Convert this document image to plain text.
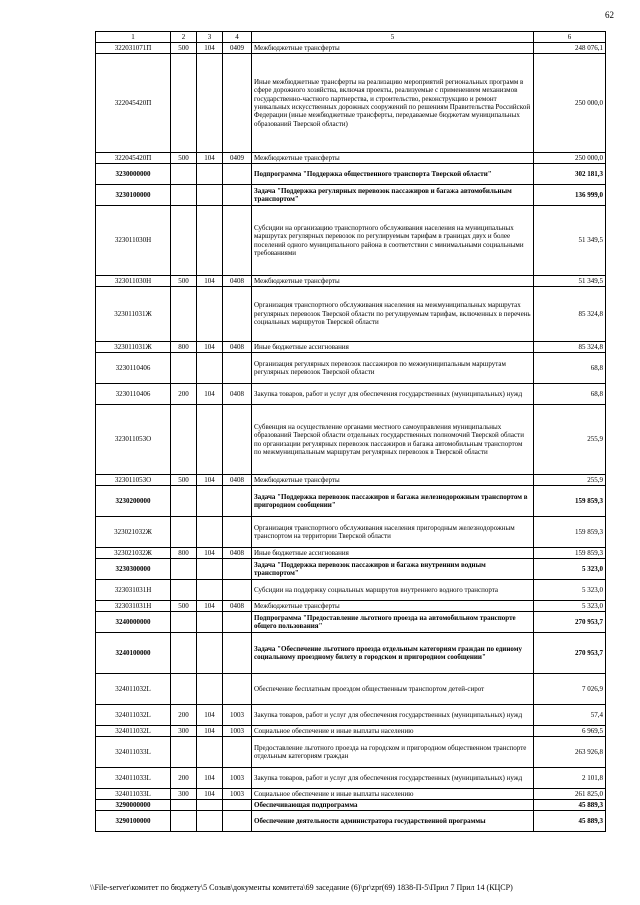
62
1	2	3	4	5	6
322031071П	500	104	0409	Межбюджетные трансферты	248 076,1
322045420П				Иные межбюджетные трансферты на реализацию мероприятий региональных программ в сфере дорожного хозяйства, включая проекты, реализуемые с применением механизмов государственно-частного партнерства, и строительство, реконструкцию и ремонт уникальных искусственных дорожных сооружений по решениям Правительства Российской Федерации (иные межбюджетные трансферты, передаваемые бюджетам муниципальных образований Тверской области)	250 000,0
322045420П	500	104	0409	Межбюджетные трансферты	250 000,0
3230000000				Подпрограмма "Поддержка общественного транспорта Тверской области"	302 181,3
3230100000				Задача "Поддержка регулярных перевозок пассажиров и багажа автомобильным транспортом"	136 999,0
323011030Н				Субсидии на организацию транспортного обслуживания населения на муниципальных маршрутах регулярных перевозок по регулируемым тарифам в границах двух и более поселений одного муниципального района в соответствии с минимальными социальными требованиями	51 349,5
323011030Н	500	104	0408	Межбюджетные трансферты	51 349,5
323011031Ж				Организация транспортного обслуживания населения на межмуниципальных маршрутах регулярных перевозок Тверской области по регулируемым тарифам, включенных в перечень социальных маршрутов Тверской области	85 324,8
323011031Ж	800	104	0408	Иные бюджетные ассигнования	85 324,8
3230110406				Организация регулярных перевозок пассажиров по межмуниципальным маршрутам регулярных перевозок Тверской области	68,8
3230110406	200	104	0408	Закупка товаров, работ и услуг для обеспечения государственных (муниципальных) нужд	68,8
323011053О				Субвенция на осуществление органами местного самоуправления муниципальных образований Тверской области отдельных государственных полномочий Тверской области по организации регулярных перевозок пассажиров и багажа автомобильным транспортом по межмуниципальным маршрутам регулярных перевозок в Тверской области	255,9
323011053О	500	104	0408	Межбюджетные трансферты	255,9
3230200000				Задача "Поддержка перевозок пассажиров и багажа железнодорожным транспортом в пригородном сообщении"	159 859,3
323021032Ж				Организация транспортного обслуживания населения пригородным железнодорожным транспортом на территории Тверской области	159 859,3
323021032Ж	800	104	0408	Иные бюджетные ассигнования	159 859,3
3230300000				Задача "Поддержка перевозок пассажиров и багажа внутренним водным транспортом"	5 323,0
323031031Н				Субсидии на поддержку социальных маршрутов внутреннего водного транспорта	5 323,0
323031031Н	500	104	0408	Межбюджетные трансферты	5 323,0
3240000000				Подпрограмма "Предоставление льготного проезда на автомобильном транспорте общего пользования"	270 953,7
3240100000				Задача "Обеспечение льготного проезда отдельным категориям граждан по единому социальному проездному билету в городском и пригородном сообщении"	270 953,7
324011032L				Обеспечение бесплатным проездом общественным транспортом детей-сирот	7 026,9
324011032L	200	104	1003	Закупка товаров, работ и услуг для обеспечения государственных (муниципальных) нужд	57,4
324011032L	300	104	1003	Социальное обеспечение и иные выплаты населению	6 969,5
324011033L				Предоставление льготного проезда на городском и пригородном общественном транспорте отдельным категориям граждан	263 926,8
324011033L	200	104	1003	Закупка товаров, работ и услуг для обеспечения государственных (муниципальных) нужд	2 101,8
324011033L	300	104	1003	Социальное обеспечение и иные выплаты населению	261 825,0
3290000000				Обеспечивающая подпрограмма	45 889,3
3290100000				Обеспечение деятельности администратора государственной программы	45 889,3
\\File-server\комитет по бюджету\5 Созыв\документы комитета\69 заседание (6)\pr\zpr(69) 1838-П-5\Прил 7 Прил 14 (КЦСР)
